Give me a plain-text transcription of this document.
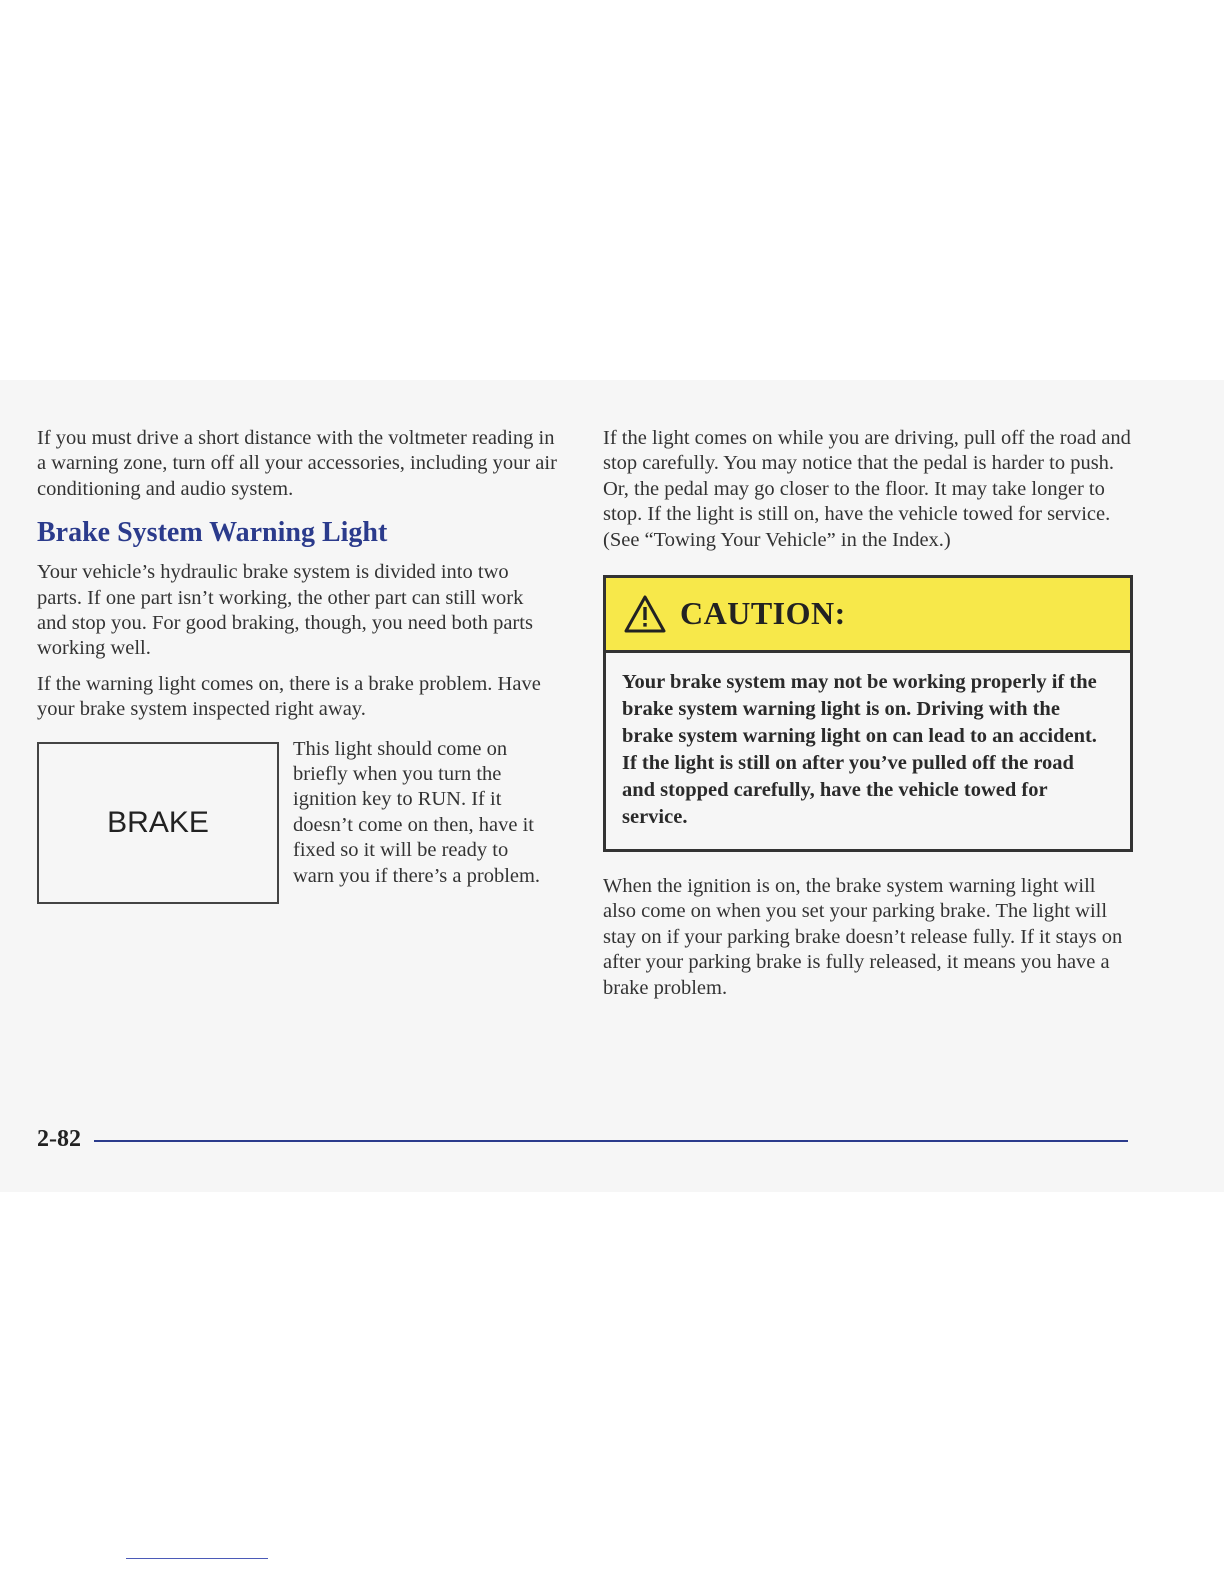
If you must drive a short distance with the voltmeter reading in a warning zone, turn off all your accessories, including your air conditioning and audio system.

Brake System Warning Light

Your vehicle’s hydraulic brake system is divided into two parts. If one part isn’t working, the other part can still work and stop you. For good braking, though, you need both parts working well.

If the warning light comes on, there is a brake problem. Have your brake system inspected right away.

BRAKE
This light should come on briefly when you turn the ignition key to RUN. If it doesn’t come on then, have it fixed so it will be ready to warn you if there’s a problem.

If the light comes on while you are driving, pull off the road and stop carefully. You may notice that the pedal is harder to push. Or, the pedal may go closer to the floor. It may take longer to stop. If the light is still on, have the vehicle towed for service. (See “Towing Your Vehicle” in the Index.)

CAUTION:
Your brake system may not be working properly if the brake system warning light is on. Driving with the brake system warning light on can lead to an accident. If the light is still on after you’ve pulled off the road and stopped carefully, have the vehicle towed for service.

When the ignition is on, the brake system warning light will also come on when you set your parking brake. The light will stay on if your parking brake doesn’t release fully. If it stays on after your parking brake is fully released, it means you have a brake problem.

2-82
